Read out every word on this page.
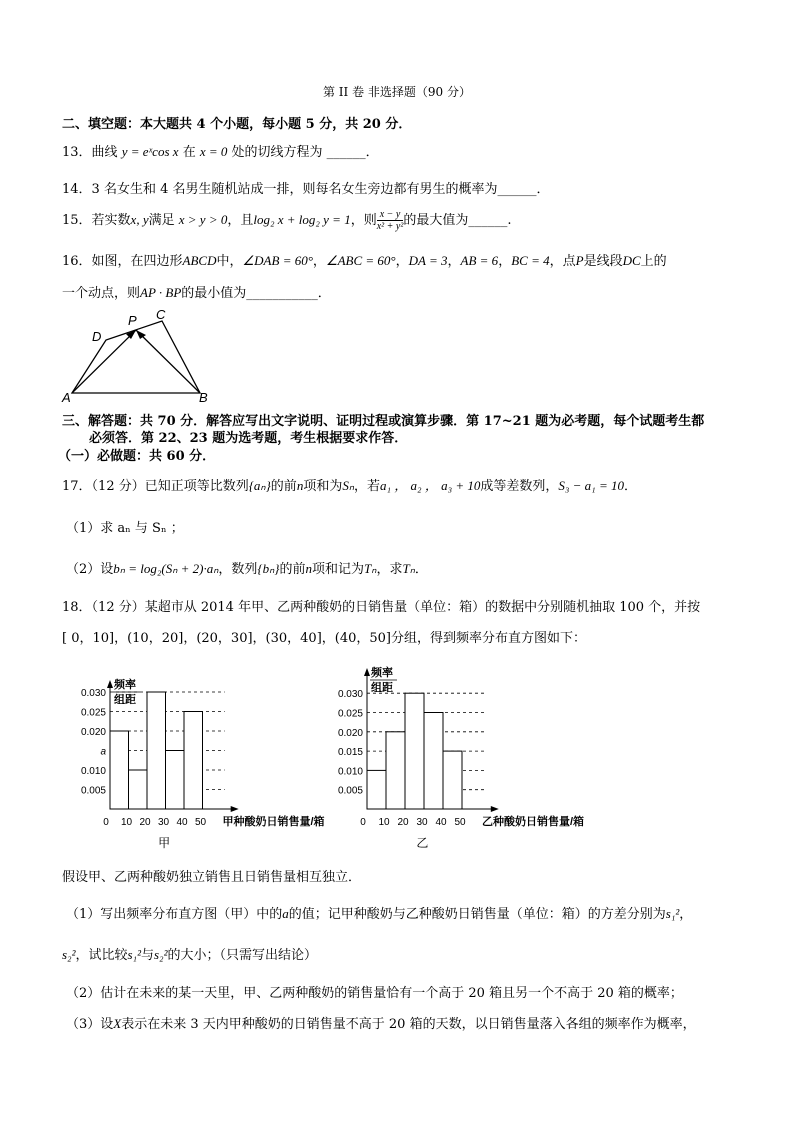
第 II 卷 非选择题（90 分）
二、填空题：本大题共 4 个小题，每小题 5 分，共 20 分．
13．曲线 y = eˣcos x 在 x = 0 处的切线方程为 ______．
14．3 名女生和 4 名男生随机站成一排，则每名女生旁边都有男生的概率为______．
15．若实数x, y满足 x > y > 0，且log₂ x + log₂ y = 1，则 $\frac{x - y}{\text{x² + y²}}$ 的最大值为______.
16．如图，在四边形ABCD中，∠DAB = 60°，∠ABC = 60°，DA = 3，AB = 6，BC = 4，点P是线段DC上的
一个动点，则AP · BP的最小值为___________．
A	B
C
D
P
三、解答题：共 70 分．解答应写出文字说明、证明过程或演算步骤．第 17~21 题为必考题，每个试题考生都
必须答．第 22、23 题为选考题，考生根据要求作答．
（一）必做题：共 60 分．
17．（12 分）已知正项等比数列{aₙ}的前n项和为Sₙ，若a₁ ， a₂ ， a₃ + 10成等差数列，S₃ − a₁ = 10．
（1）求 aₙ 与 Sₙ ；
（2）设bₙ = log₂(Sₙ + 2)·aₙ，数列{bₙ}的前n项和记为Tₙ，求Tₙ．
18．（12 分）某超市从 2014 年甲、乙两种酸奶的日销售量（单位：箱）的数据中分别随机抽取 100 个，并按
[ 0，10]，(10，20]，(20，30]，(30，40]，(40，50]分组，得到频率分布直方图如下：
频率
组距
0.030
0.025
0.020
a
0.010
0.005
0 10 20 30 40 50 甲种酸奶日销售量/箱
甲
频率
组距
0.030
0.025
0.020
0.015
0.010
0.005
0 10 20 30 40 50 乙种酸奶日销售量/箱
乙
假设甲、乙两种酸奶独立销售且日销售量相互独立．
（1）写出频率分布直方图（甲）中的a的值；记甲种酸奶与乙种酸奶日销售量（单位：箱）的方差分别为s₁²，
s₂²，试比较s₁²与s₂²的大小；（只需写出结论）
（2）估计在未来的某一天里，甲、乙两种酸奶的销售量恰有一个高于 20 箱且另一个不高于 20 箱的概率；
（3）设X表示在未来 3 天内甲种酸奶的日销售量不高于 20 箱的天数，以日销售量落入各组的频率作为概率，
